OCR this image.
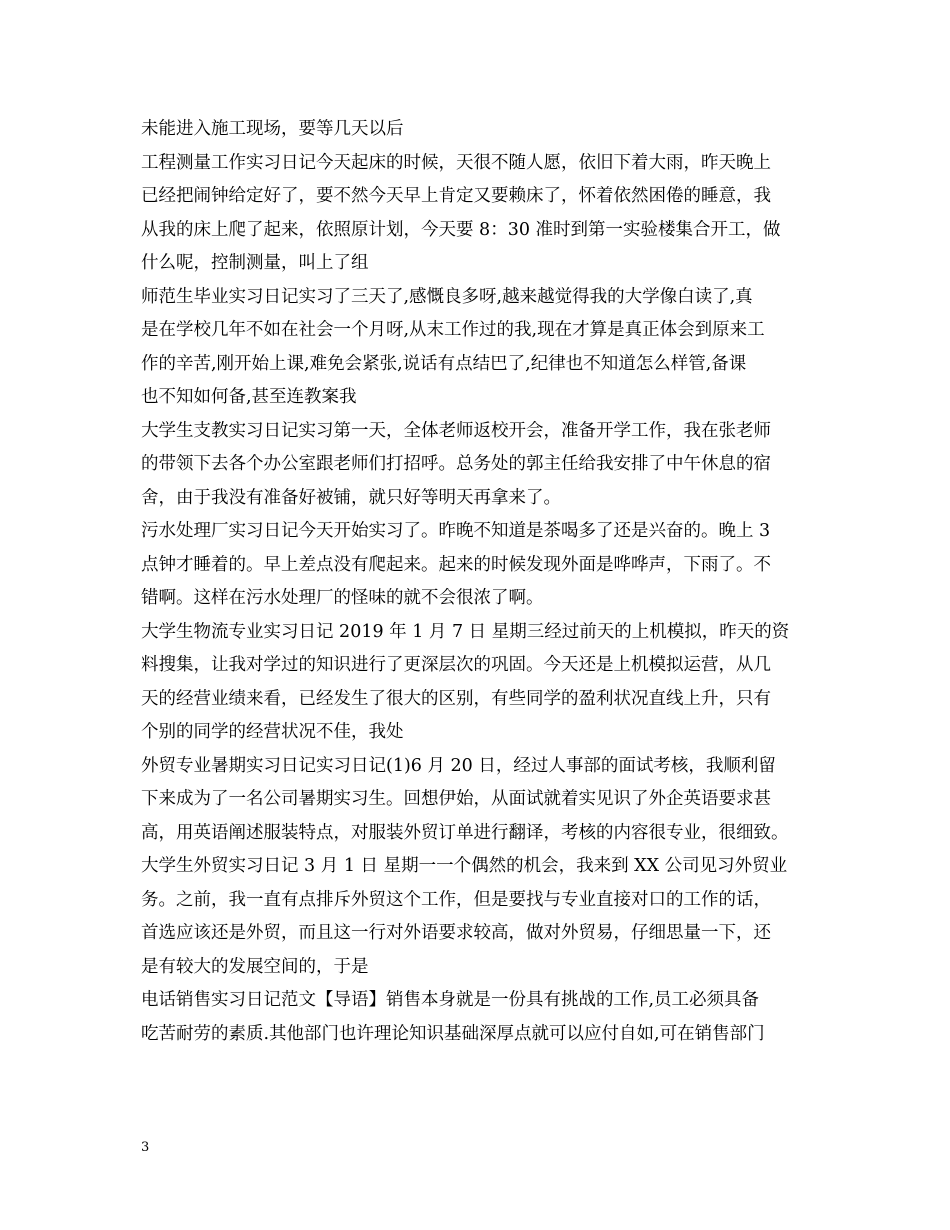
未能进入施工现场，要等几天以后
工程测量工作实习日记今天起床的时候，天很不随人愿，依旧下着大雨，昨天晚上
已经把闹钟给定好了，要不然今天早上肯定又要赖床了，怀着依然困倦的睡意，我
从我的床上爬了起来，依照原计划，今天要 8：30 准时到第一实验楼集合开工，做
什么呢，控制测量，叫上了组
师范生毕业实习日记实习了三天了,感慨良多呀,越来越觉得我的大学像白读了,真
是在学校几年不如在社会一个月呀,从末工作过的我,现在才算是真正体会到原来工
作的辛苦,刚开始上课,难免会紧张,说话有点结巴了,纪律也不知道怎么样管,备课
也不知如何备,甚至连教案我
大学生支教实习日记实习第一天，全体老师返校开会，准备开学工作，我在张老师
的带领下去各个办公室跟老师们打招呼。总务处的郭主任给我安排了中午休息的宿
舍，由于我没有准备好被铺，就只好等明天再拿来了。
污水处理厂实习日记今天开始实习了。昨晚不知道是茶喝多了还是兴奋的。晚上 3
点钟才睡着的。早上差点没有爬起来。起来的时候发现外面是哗哗声，下雨了。不
错啊。这样在污水处理厂的怪味的就不会很浓了啊。
大学生物流专业实习日记 2019 年 1 月 7 日 星期三经过前天的上机模拟，昨天的资
料搜集，让我对学过的知识进行了更深层次的巩固。今天还是上机模拟运营，从几
天的经营业绩来看，已经发生了很大的区别，有些同学的盈利状况直线上升，只有
个别的同学的经营状况不佳，我处
外贸专业暑期实习日记实习日记(1)6 月 20 日，经过人事部的面试考核，我顺利留
下来成为了一名公司暑期实习生。回想伊始，从面试就着实见识了外企英语要求甚
高，用英语阐述服装特点，对服装外贸订单进行翻译，考核的内容很专业，很细致。
大学生外贸实习日记 3 月 1 日 星期一一个偶然的机会，我来到 XX 公司见习外贸业
务。之前，我一直有点排斥外贸这个工作，但是要找与专业直接对口的工作的话，
首选应该还是外贸，而且这一行对外语要求较高，做对外贸易，仔细思量一下，还
是有较大的发展空间的，于是
电话销售实习日记范文【导语】销售本身就是一份具有挑战的工作,员工必须具备
吃苦耐劳的素质.其他部门也许理论知识基础深厚点就可以应付自如,可在销售部门
3
